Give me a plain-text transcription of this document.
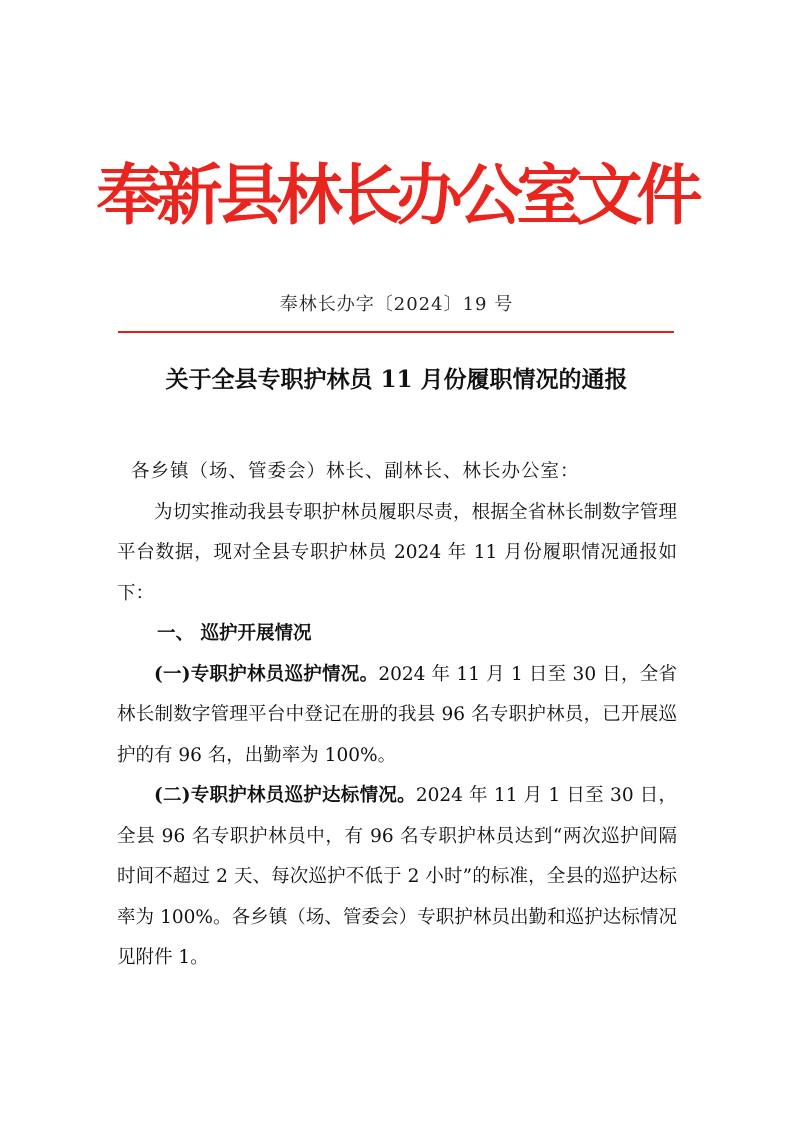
奉新县林长办公室文件
奉林长办字〔2024〕19 号
关于全县专职护林员 11 月份履职情况的通报

各乡镇（场、管委会）林长、副林长、林长办公室：

为切实推动我县专职护林员履职尽责，根据全省林长制数字管理平台数据，现对全县专职护林员 2024 年 11 月份履职情况通报如下：

一、 巡护开展情况

(一)专职护林员巡护情况。2024 年 11 月 1 日至 30 日，全省林长制数字管理平台中登记在册的我县 96 名专职护林员，已开展巡护的有 96 名，出勤率为 100%。

(二)专职护林员巡护达标情况。2024 年 11 月 1 日至 30 日，全县 96 名专职护林员中，有 96 名专职护林员达到“两次巡护间隔时间不超过 2 天、每次巡护不低于 2 小时”的标准，全县的巡护达标率为 100%。各乡镇（场、管委会）专职护林员出勤和巡护达标情况见附件 1。
